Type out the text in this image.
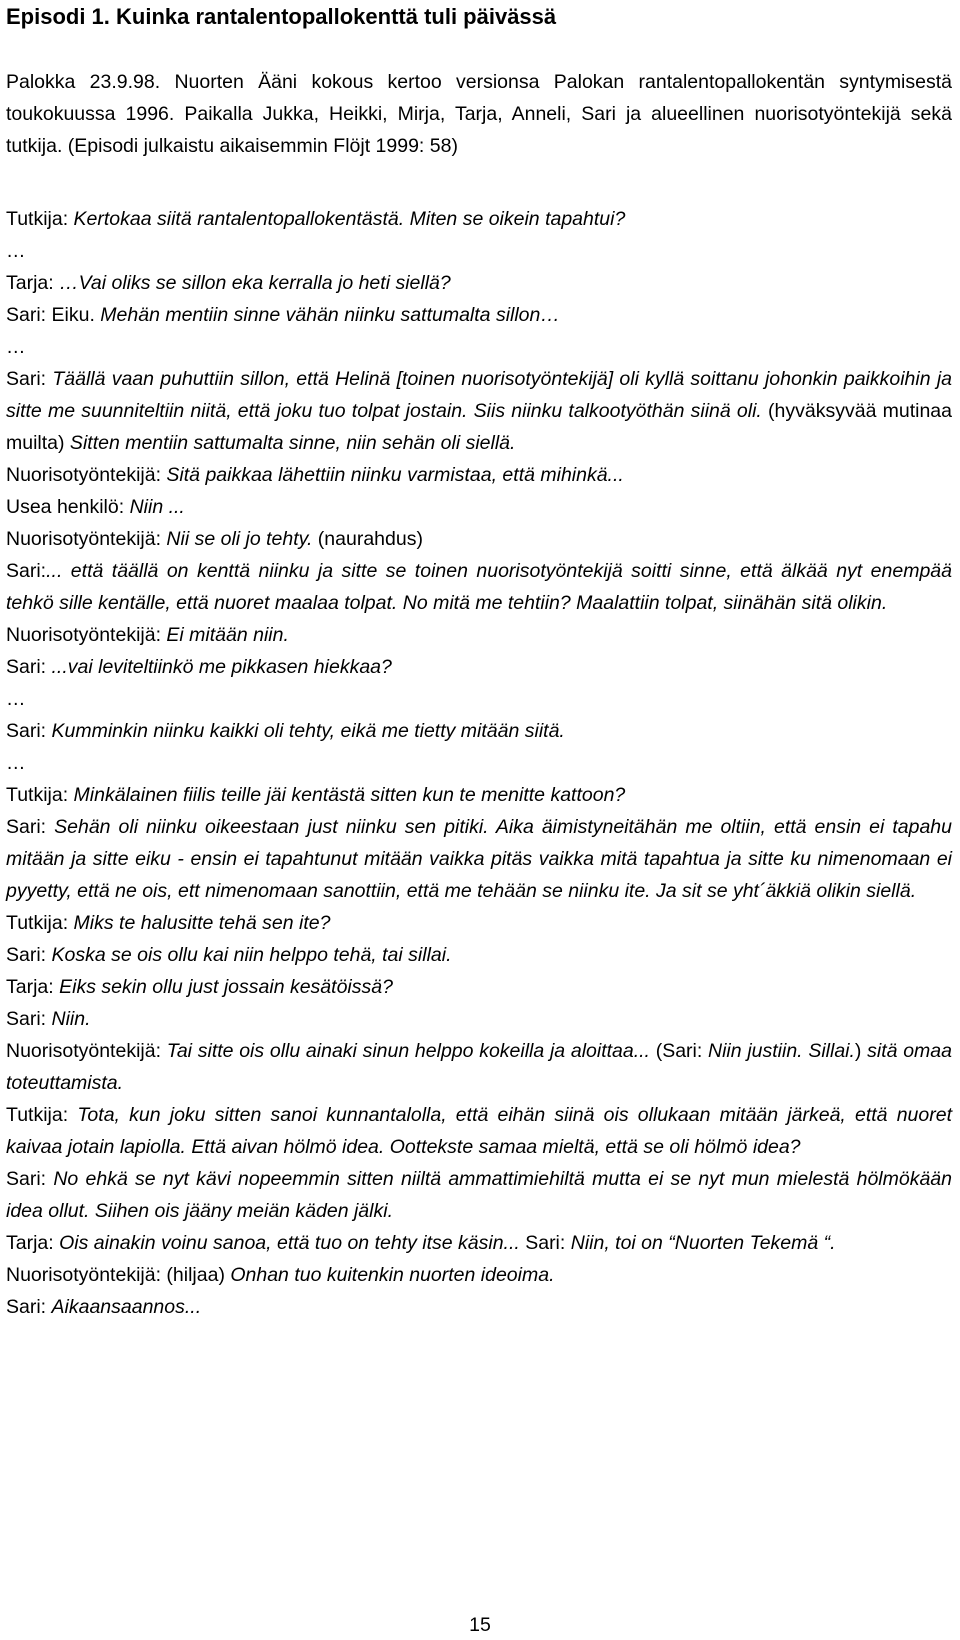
Episodi 1. Kuinka rantalentopallokenttä tuli päivässä

Palokka 23.9.98. Nuorten Ääni kokous kertoo versionsa Palokan rantalentopallokentän syntymisestä toukokuussa 1996. Paikalla Jukka, Heikki, Mirja, Tarja, Anneli, Sari ja alueellinen nuorisotyöntekijä sekä tutkija. (Episodi julkaistu aikaisemmin Flöjt 1999: 58)

Tutkija: Kertokaa siitä rantalentopallokentästä. Miten se oikein tapahtui?

…

Tarja: …Vai oliks se sillon eka kerralla jo heti siellä?

Sari: Eiku. Mehän mentiin sinne vähän niinku sattumalta sillon…

…

Sari: Täällä vaan puhuttiin sillon, että Helinä [toinen nuorisotyöntekijä] oli kyllä soittanu johonkin paikkoihin ja sitte me suunniteltiin niitä, että joku tuo tolpat jostain. Siis niinku talkootyöthän siinä oli. (hyväksyvää mutinaa muilta) Sitten mentiin sattumalta sinne, niin sehän oli siellä.

Nuorisotyöntekijä: Sitä paikkaa lähettiin niinku varmistaa, että mihinkä...

Usea henkilö: Niin ...

Nuorisotyöntekijä: Nii se oli jo tehty. (naurahdus)

Sari:... että täällä on kenttä niinku ja sitte se toinen nuorisotyöntekijä soitti sinne, että älkää nyt enempää tehkö sille kentälle, että nuoret maalaa tolpat. No mitä me tehtiin? Maalattiin tolpat, siinähän sitä olikin.

Nuorisotyöntekijä: Ei mitään niin.

Sari: ...vai leviteltiinkö me pikkasen hiekkaa?

…

Sari: Kumminkin niinku kaikki oli tehty, eikä me tietty mitään siitä.

…

Tutkija: Minkälainen fiilis teille jäi kentästä sitten kun te menitte kattoon?

Sari: Sehän oli niinku oikeestaan just niinku sen pitiki. Aika äimistyneitähän me oltiin, että ensin ei tapahu mitään ja sitte eiku - ensin ei tapahtunut mitään vaikka pitäs vaikka mitä tapahtua ja sitte ku nimenomaan ei pyyetty, että ne ois, ett nimenomaan sanottiin, että me tehään se niinku ite. Ja sit se yht´äkkiä olikin siellä.

Tutkija: Miks te halusitte tehä sen ite?

Sari: Koska se ois ollu kai niin helppo tehä, tai sillai.

Tarja: Eiks sekin ollu just jossain kesätöissä?

Sari: Niin.

Nuorisotyöntekijä: Tai sitte ois ollu ainaki sinun helppo kokeilla ja aloittaa... (Sari: Niin justiin. Sillai.) sitä omaa toteuttamista.

Tutkija: Tota, kun joku sitten sanoi kunnantalolla, että eihän siinä ois ollukaan mitään järkeä, että nuoret kaivaa jotain lapiolla. Että aivan hölmö idea. Oottekste samaa mieltä, että se oli hölmö idea?

Sari: No ehkä se nyt kävi nopeemmin sitten niiltä ammattimiehiltä mutta ei se nyt mun mielestä hölmökään idea ollut. Siihen ois jääny meiän käden jälki.

Tarja: Ois ainakin voinu sanoa, että tuo on tehty itse käsin... Sari: Niin, toi on “Nuorten Tekemä “.

Nuorisotyöntekijä: (hiljaa) Onhan tuo kuitenkin nuorten ideoima.

Sari: Aikaansaannos...

15
